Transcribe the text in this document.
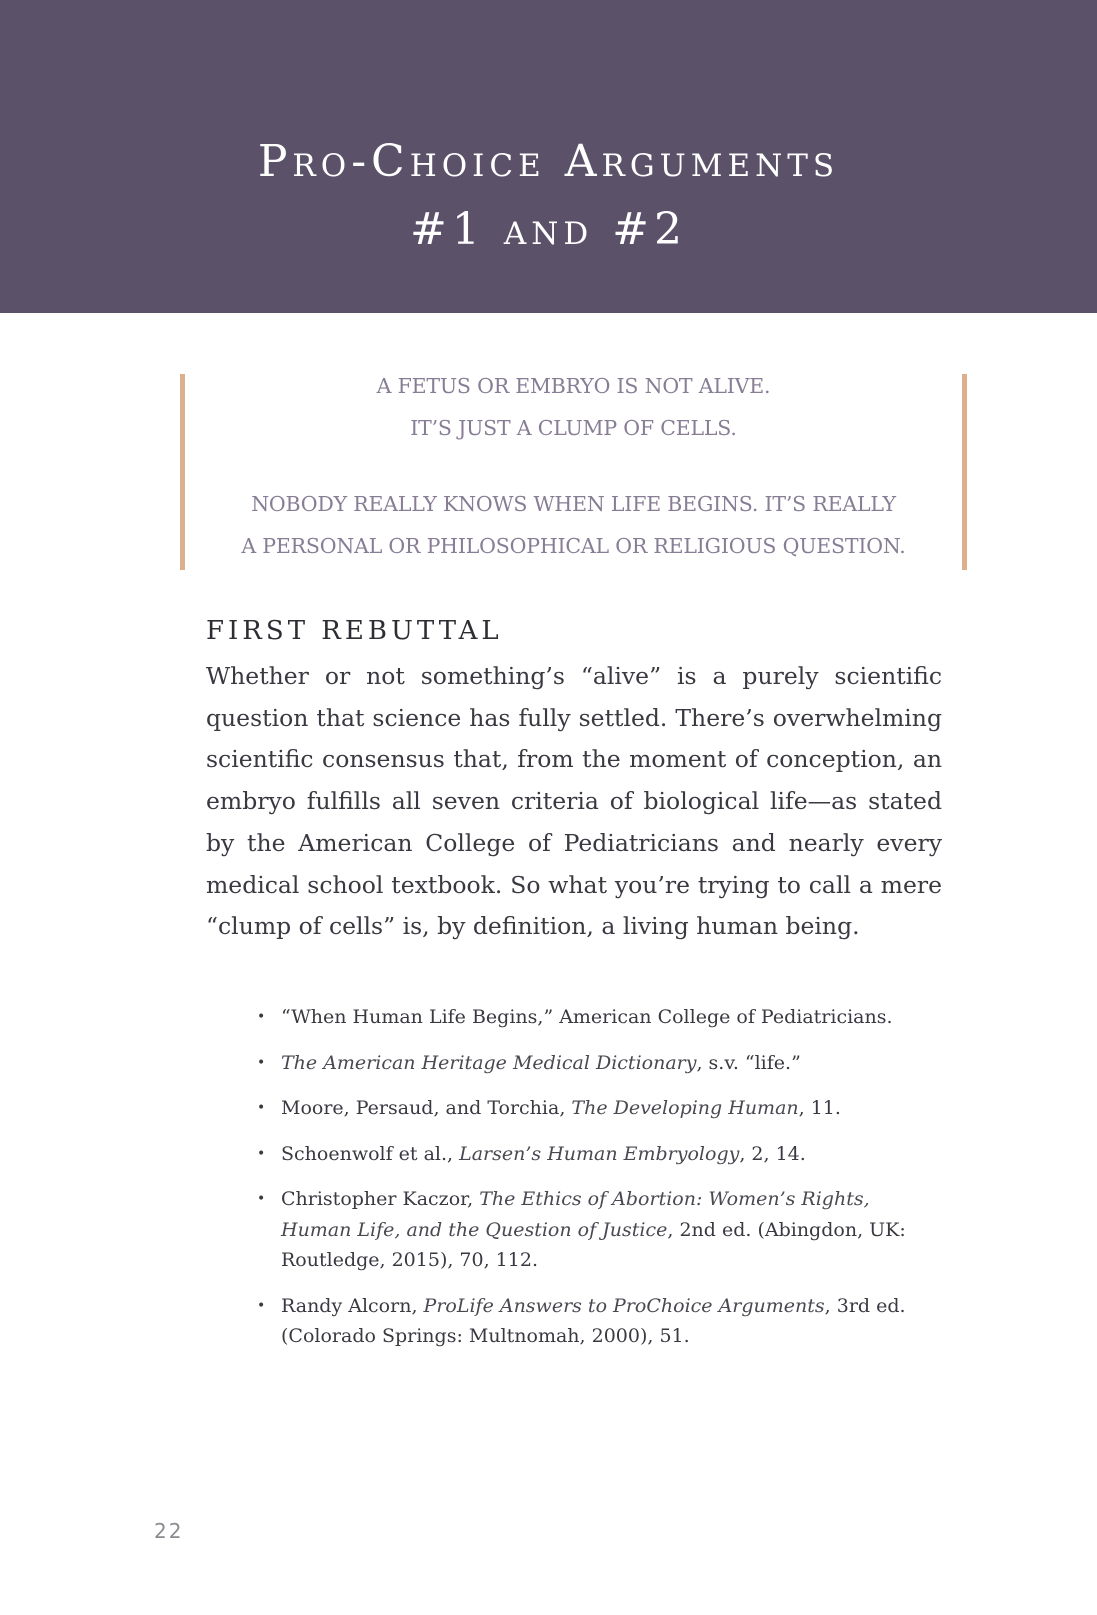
Pro-Choice Arguments
#1 and #2
A FETUS OR EMBRYO IS NOT ALIVE.
IT’S JUST A CLUMP OF CELLS.
NOBODY REALLY KNOWS WHEN LIFE BEGINS. IT’S REALLY
A PERSONAL OR PHILOSOPHICAL OR RELIGIOUS QUESTION.
FIRST REBUTTAL

Whether or not something’s “alive” is a purely scientific question that science has fully settled. There’s overwhelming scientific consensus that, from the moment of conception, an embryo fulfills all seven criteria of biological life—as stated by the American College of Pediatricians and nearly every medical school textbook. So what you’re trying to call a mere “clump of cells” is, by definition, a living human being.

• “When Human Life Begins,” American College of Pediatricians.
• The American Heritage Medical Dictionary, s.v. “life.”
• Moore, Persaud, and Torchia, The Developing Human, 11.
• Schoenwolf et al., Larsen’s Human Embryology, 2, 14.
• Christopher Kaczor, The Ethics of Abortion: Women’s Rights, Human Life, and the Question of Justice, 2nd ed. (Abingdon, UK: Routledge, 2015), 70, 112.
• Randy Alcorn, ProLife Answers to ProChoice Arguments, 3rd ed. (Colorado Springs: Multnomah, 2000), 51.
22
